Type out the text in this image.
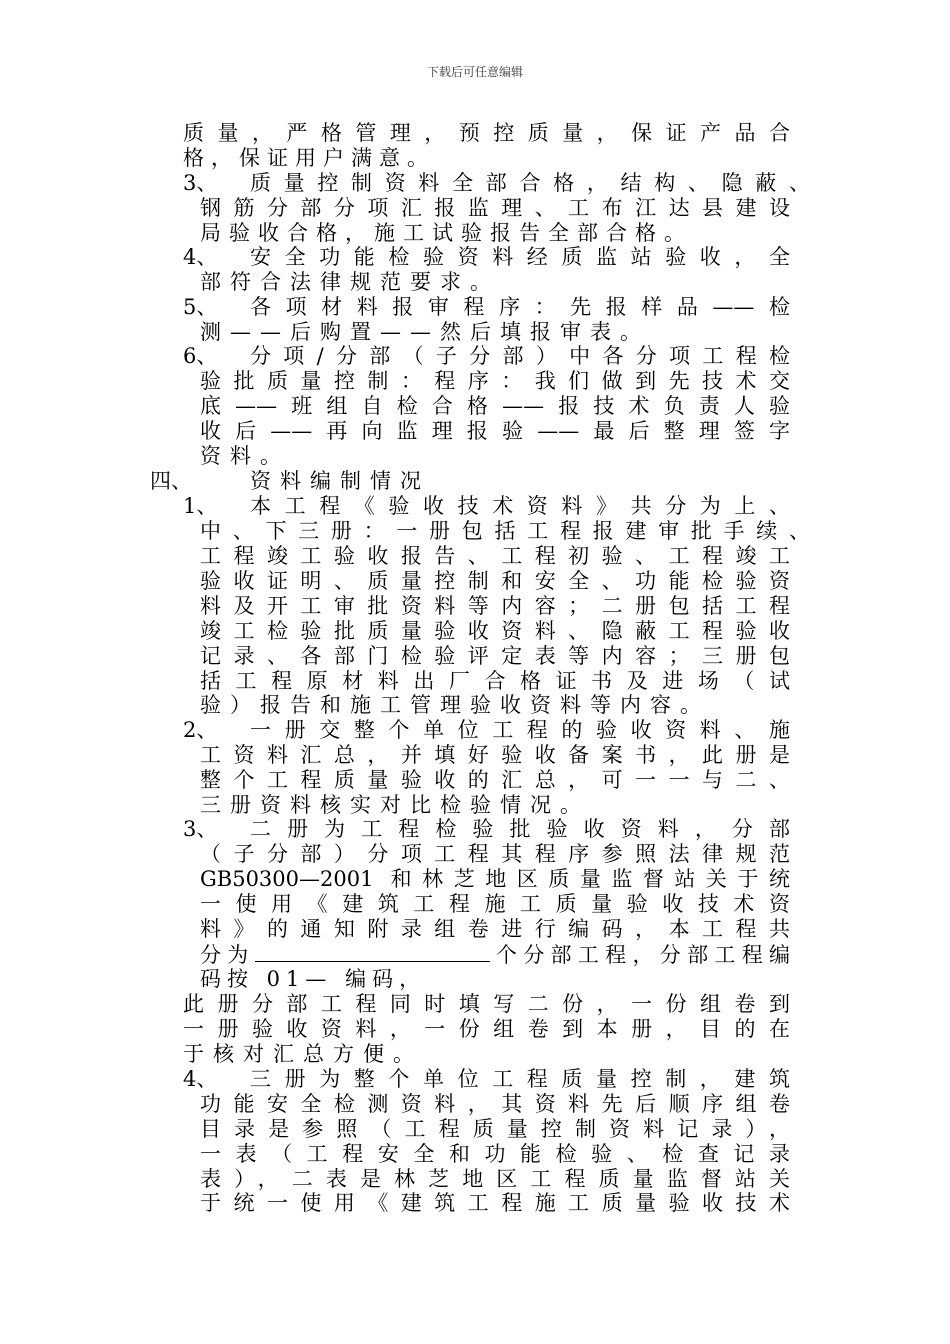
下载后可任意编辑
3、
4、
5、
6、
四、
1、
2、
3、
4、
质量，严格管理，预控质量，保证产品合
格，保证用户满意。
质量控制资料全部合格，结构、隐蔽、
钢筋分部分项汇报监理、工布江达县建设
局验收合格，施工试验报告全部合格。
安全功能检验资料经质监站验收，全
部符合法律规范要求。
各项材料报审程序：先报样品——检
测——后购置——然后填报审表。
分项/分部（子分部）中各分项工程检
验批质量控制：程序：我们做到先技术交
底——班组自检合格——报技术负责人验
收后——再向监理报验——最后整理签字
资料。
资料编制情况
本工程《验收技术资料》共分为上、
中、下三册：一册包括工程报建审批手续、
工程竣工验收报告、工程初验、工程竣工
验收证明、质量控制和安全、功能检验资
料及开工审批资料等内容；二册包括工程
竣工检验批质量验收资料、隐蔽工程验收
记录、各部门检验评定表等内容；三册包
括工程原材料出厂合格证书及进场（试
验）报告和施工管理验收资料等内容。
一册交整个单位工程的验收资料、施
工资料汇总，并填好验收备案书，此册是
整个工程质量验收的汇总，可一一与二、
三册资料核实对比检验情况。
二册为工程检验批验收资料，分部
（子分部）分项工程其程序参照法律规范
GB50300—2001 和林芝地区质量监督站关于统
一使用《建筑工程施工质量验收技术资
料》的通知附录组卷进行编码，本工程共
分为	个分部工程，分部工程编
码按 01— 编码，
此册分部工程同时填写二份，一份组卷到
一册验收资料，一份组卷到本册，目的在
于核对汇总方便。
三册为整个单位工程质量控制，建筑
功能安全检测资料，其资料先后顺序组卷
目录是参照（工程质量控制资料记录），
一表（工程安全和功能检验、检查记录
表），二表是林芝地区工程质量监督站关
于统一使用《建筑工程施工质量验收技术
